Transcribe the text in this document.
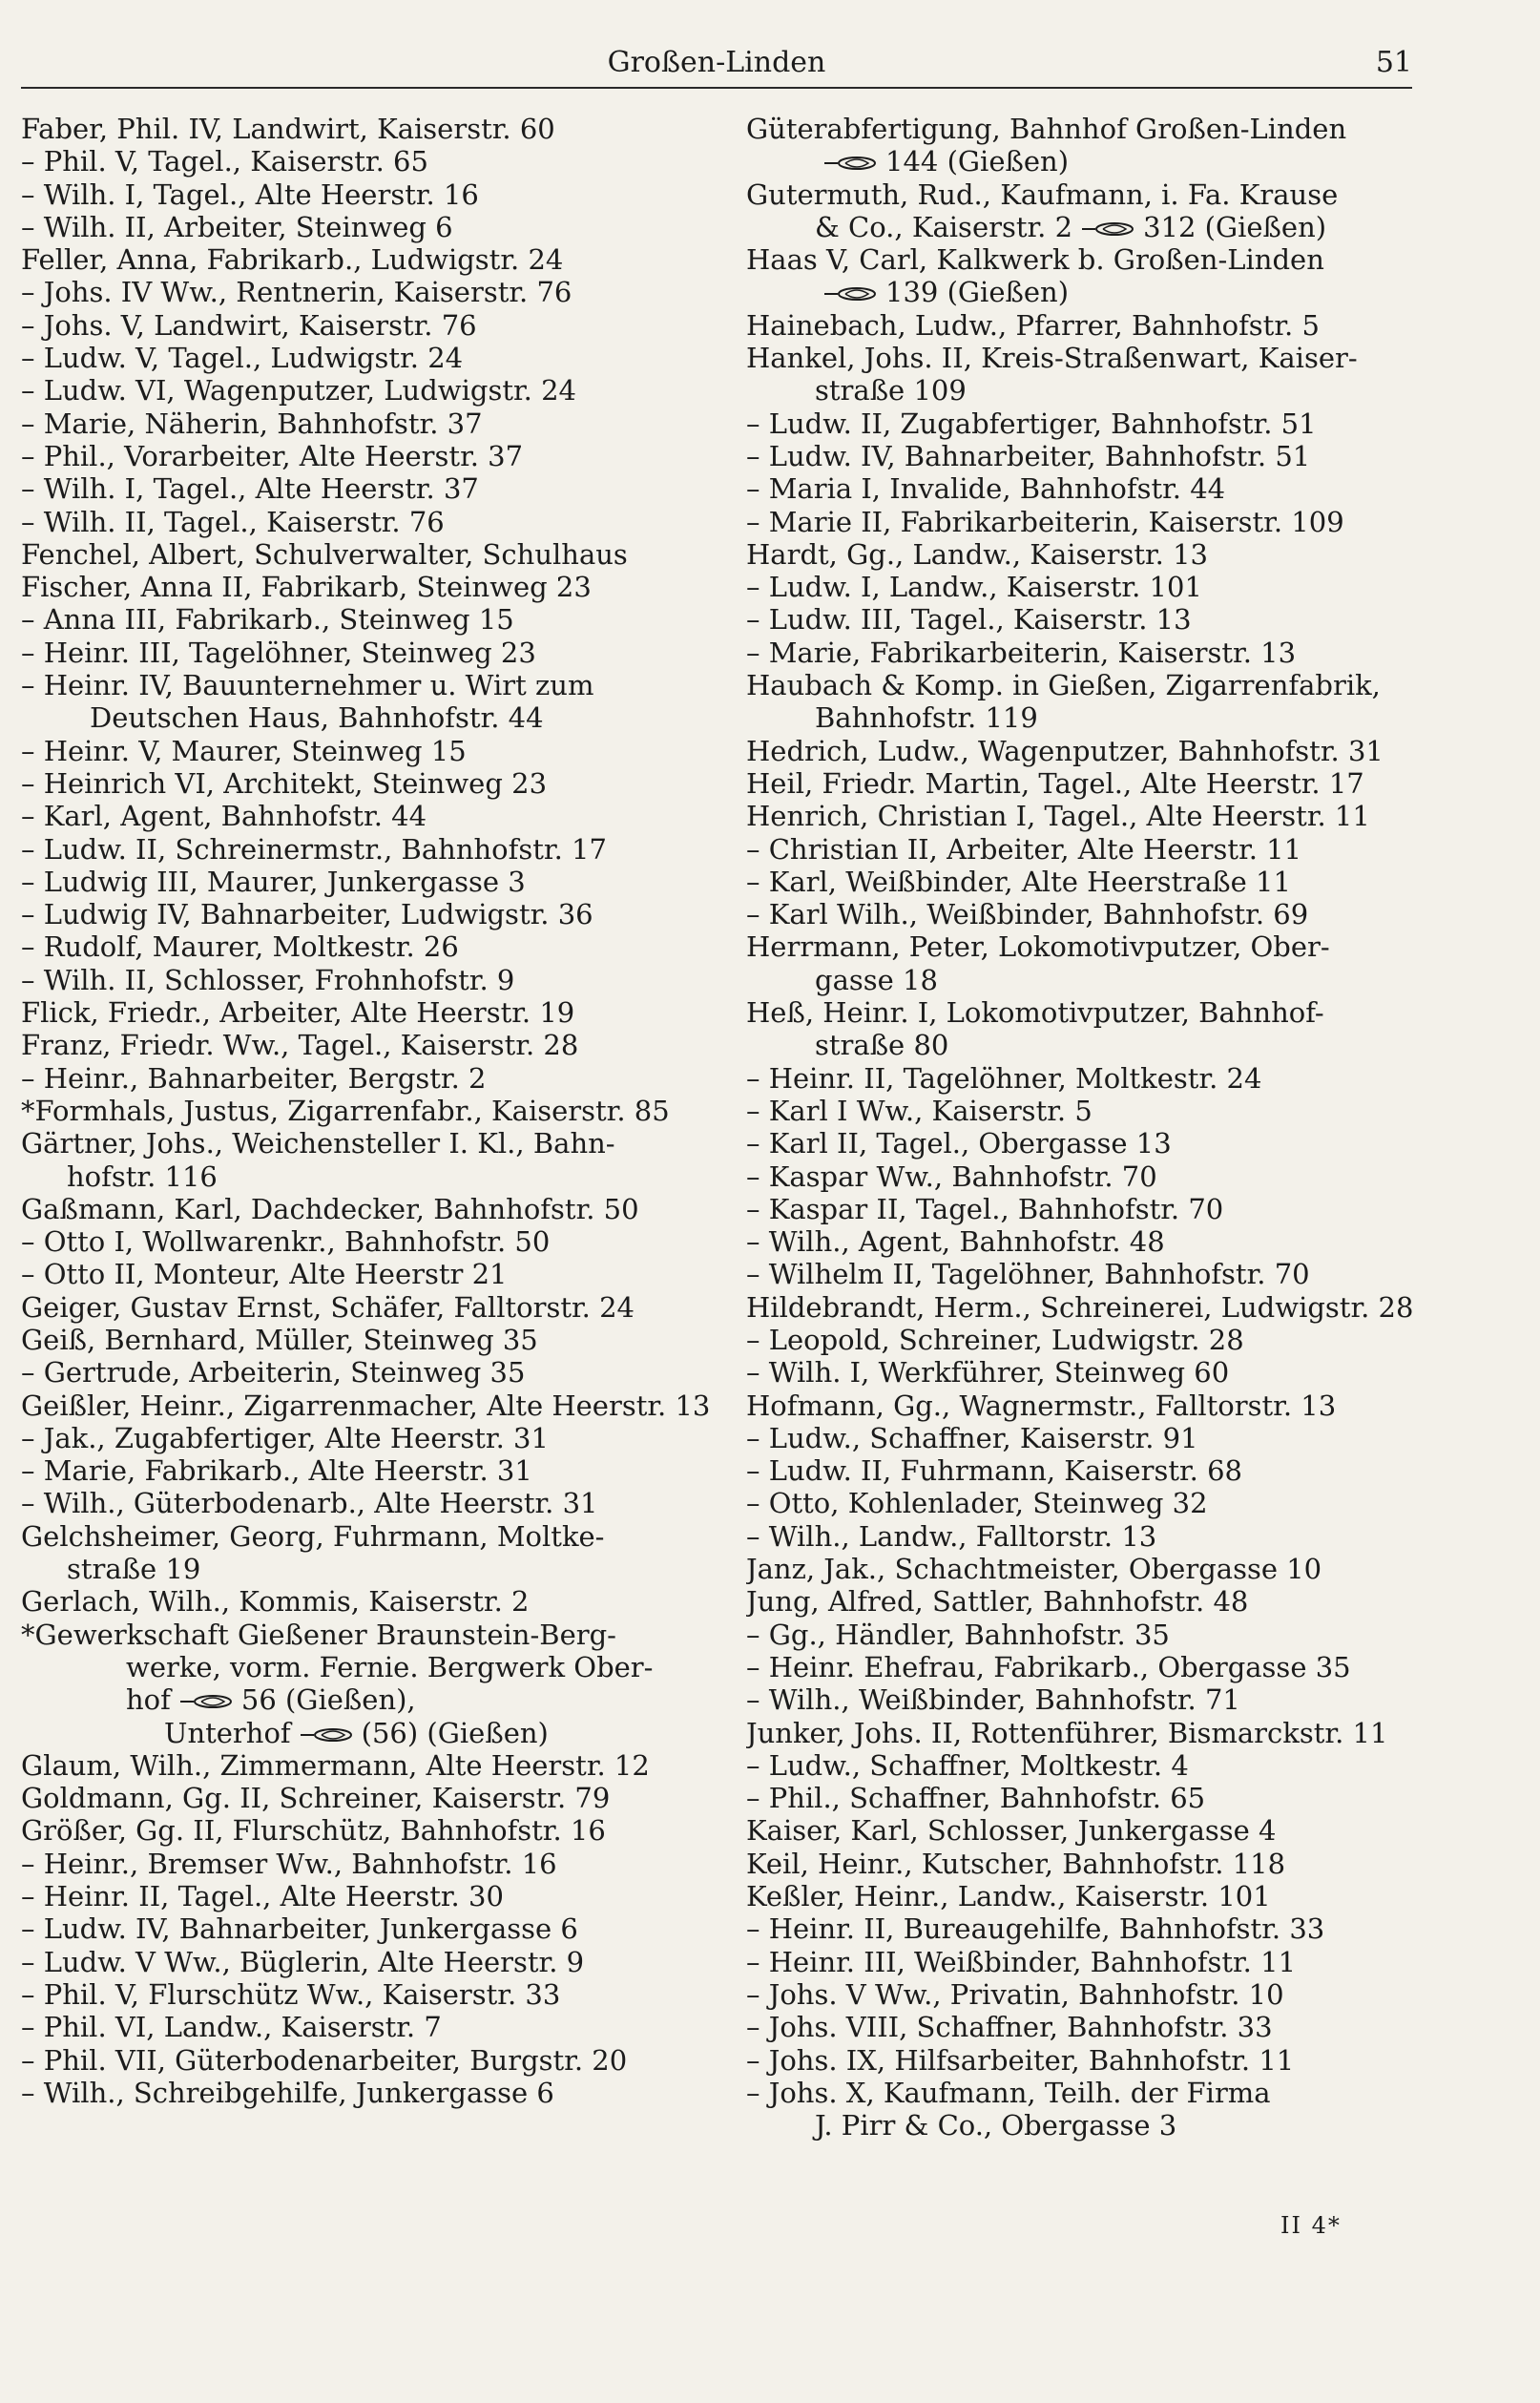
Großen-Linden	51
Faber, Phil. IV, Landwirt, Kaiserstr. 60
– Phil. V, Tagel., Kaiserstr. 65
– Wilh. I, Tagel., Alte Heerstr. 16
– Wilh. II, Arbeiter, Steinweg 6
Feller, Anna, Fabrikarb., Ludwigstr. 24
– Johs. IV Ww., Rentnerin, Kaiserstr. 76
– Johs. V, Landwirt, Kaiserstr. 76
– Ludw. V, Tagel., Ludwigstr. 24
– Ludw. VI, Wagenputzer, Ludwigstr. 24
– Marie, Näherin, Bahnhofstr. 37
– Phil., Vorarbeiter, Alte Heerstr. 37
– Wilh. I, Tagel., Alte Heerstr. 37
– Wilh. II, Tagel., Kaiserstr. 76
Fenchel, Albert, Schulverwalter, Schulhaus
Fischer, Anna II, Fabrikarb, Steinweg 23
– Anna III, Fabrikarb., Steinweg 15
– Heinr. III, Tagelöhner, Steinweg 23
– Heinr. IV, Bauunternehmer u. Wirt zum
Deutschen Haus, Bahnhofstr. 44
– Heinr. V, Maurer, Steinweg 15
– Heinrich VI, Architekt, Steinweg 23
– Karl, Agent, Bahnhofstr. 44
– Ludw. II, Schreinermstr., Bahnhofstr. 17
– Ludwig III, Maurer, Junkergasse 3
– Ludwig IV, Bahnarbeiter, Ludwigstr. 36
– Rudolf, Maurer, Moltkestr. 26
– Wilh. II, Schlosser, Frohnhofstr. 9
Flick, Friedr., Arbeiter, Alte Heerstr. 19
Franz, Friedr. Ww., Tagel., Kaiserstr. 28
– Heinr., Bahnarbeiter, Bergstr. 2
*Formhals, Justus, Zigarrenfabr., Kaiserstr. 85
Gärtner, Johs., Weichensteller I. Kl., Bahn-
hofstr. 116
Gaßmann, Karl, Dachdecker, Bahnhofstr. 50
– Otto I, Wollwarenkr., Bahnhofstr. 50
– Otto II, Monteur, Alte Heerstr 21
Geiger, Gustav Ernst, Schäfer, Falltorstr. 24
Geiß, Bernhard, Müller, Steinweg 35
– Gertrude, Arbeiterin, Steinweg 35
Geißler, Heinr., Zigarrenmacher, Alte Heerstr. 13
– Jak., Zugabfertiger, Alte Heerstr. 31
– Marie, Fabrikarb., Alte Heerstr. 31
– Wilh., Güterbodenarb., Alte Heerstr. 31
Gelchsheimer, Georg, Fuhrmann, Moltke-
straße 19
Gerlach, Wilh., Kommis, Kaiserstr. 2
*Gewerkschaft Gießener Braunstein-Berg-
werke, vorm. Fernie. Bergwerk Ober-
hof	56 (Gießen),
Unterhof	(56) (Gießen)
Glaum, Wilh., Zimmermann, Alte Heerstr. 12
Goldmann, Gg. II, Schreiner, Kaiserstr. 79
Größer, Gg. II, Flurschütz, Bahnhofstr. 16
– Heinr., Bremser Ww., Bahnhofstr. 16
– Heinr. II, Tagel., Alte Heerstr. 30
– Ludw. IV, Bahnarbeiter, Junkergasse 6
– Ludw. V Ww., Büglerin, Alte Heerstr. 9
– Phil. V, Flurschütz Ww., Kaiserstr. 33
– Phil. VI, Landw., Kaiserstr. 7
– Phil. VII, Güterbodenarbeiter, Burgstr. 20
– Wilh., Schreibgehilfe, Junkergasse 6
Güterabfertigung, Bahnhof Großen-Linden
144 (Gießen)
Gutermuth, Rud., Kaufmann, i. Fa. Krause
& Co., Kaiserstr. 2	312 (Gießen)
Haas V, Carl, Kalkwerk b. Großen-Linden
139 (Gießen)
Hainebach, Ludw., Pfarrer, Bahnhofstr. 5
Hankel, Johs. II, Kreis-Straßenwart, Kaiser-
straße 109
– Ludw. II, Zugabfertiger, Bahnhofstr. 51
– Ludw. IV, Bahnarbeiter, Bahnhofstr. 51
– Maria I, Invalide, Bahnhofstr. 44
– Marie II, Fabrikarbeiterin, Kaiserstr. 109
Hardt, Gg., Landw., Kaiserstr. 13
– Ludw. I, Landw., Kaiserstr. 101
– Ludw. III, Tagel., Kaiserstr. 13
– Marie, Fabrikarbeiterin, Kaiserstr. 13
Haubach & Komp. in Gießen, Zigarrenfabrik,
Bahnhofstr. 119
Hedrich, Ludw., Wagenputzer, Bahnhofstr. 31
Heil, Friedr. Martin, Tagel., Alte Heerstr. 17
Henrich, Christian I, Tagel., Alte Heerstr. 11
– Christian II, Arbeiter, Alte Heerstr. 11
– Karl, Weißbinder, Alte Heerstraße 11
– Karl Wilh., Weißbinder, Bahnhofstr. 69
Herrmann, Peter, Lokomotivputzer, Ober-
gasse 18
Heß, Heinr. I, Lokomotivputzer, Bahnhof-
straße 80
– Heinr. II, Tagelöhner, Moltkestr. 24
– Karl I Ww., Kaiserstr. 5
– Karl II, Tagel., Obergasse 13
– Kaspar Ww., Bahnhofstr. 70
– Kaspar II, Tagel., Bahnhofstr. 70
– Wilh., Agent, Bahnhofstr. 48
– Wilhelm II, Tagelöhner, Bahnhofstr. 70
Hildebrandt, Herm., Schreinerei, Ludwigstr. 28
– Leopold, Schreiner, Ludwigstr. 28
– Wilh. I, Werkführer, Steinweg 60
Hofmann, Gg., Wagnermstr., Falltorstr. 13
– Ludw., Schaffner, Kaiserstr. 91
– Ludw. II, Fuhrmann, Kaiserstr. 68
– Otto, Kohlenlader, Steinweg 32
– Wilh., Landw., Falltorstr. 13
Janz, Jak., Schachtmeister, Obergasse 10
Jung, Alfred, Sattler, Bahnhofstr. 48
– Gg., Händler, Bahnhofstr. 35
– Heinr. Ehefrau, Fabrikarb., Obergasse 35
– Wilh., Weißbinder, Bahnhofstr. 71
Junker, Johs. II, Rottenführer, Bismarckstr. 11
– Ludw., Schaffner, Moltkestr. 4
– Phil., Schaffner, Bahnhofstr. 65
Kaiser, Karl, Schlosser, Junkergasse 4
Keil, Heinr., Kutscher, Bahnhofstr. 118
Keßler, Heinr., Landw., Kaiserstr. 101
– Heinr. II, Bureaugehilfe, Bahnhofstr. 33
– Heinr. III, Weißbinder, Bahnhofstr. 11
– Johs. V Ww., Privatin, Bahnhofstr. 10
– Johs. VIII, Schaffner, Bahnhofstr. 33
– Johs. IX, Hilfsarbeiter, Bahnhofstr. 11
– Johs. X, Kaufmann, Teilh. der Firma
J. Pirr & Co., Obergasse 3
II 4*
